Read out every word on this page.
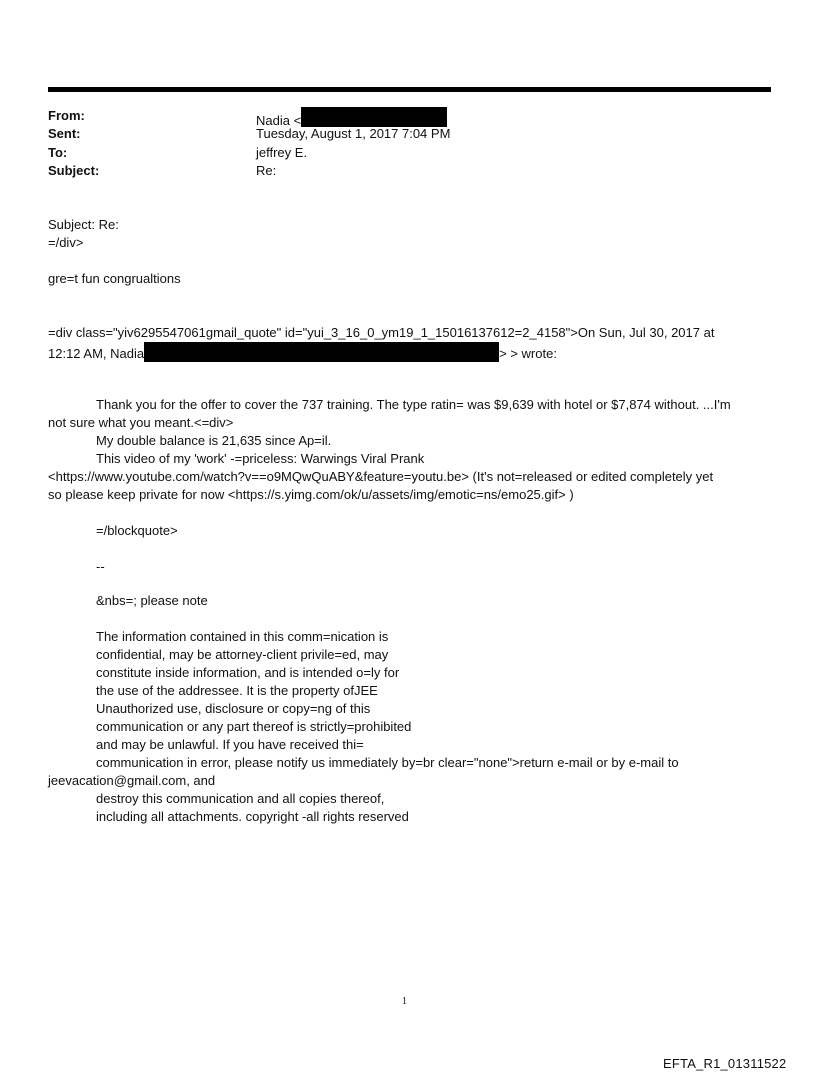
From:	Nadia <
Sent:	Tuesday, August 1, 2017 7:04 PM
To:	jeffrey E.
Subject:	Re:
Subject: Re:
=/div>
gre=t fun congrualtions
=div class="yiv6295547061gmail_quote" id="yui_3_16_0_ym19_1_15016137612=2_4158">On Sun, Jul 30, 2017 at
12:12 AM, Nadia	> > wrote:
Thank you for the offer to cover the 737 training. The type ratin= was $9,639 with hotel or $7,874 without. ...I'm
not sure what you meant.<=div>
My double balance is 21,635 since Ap=il.
This video of my 'work' -=priceless: Warwings Viral Prank
<https://www.youtube.com/watch?v==o9MQwQuABY&feature=youtu.be> (It's not=released or edited completely yet
so please keep private for now <https://s.yimg.com/ok/u/assets/img/emotic=ns/emo25.gif> )
=/blockquote>
--
&nbs=; please note
The information contained in this comm=nication is
confidential, may be attorney-client privile=ed, may
constitute inside information, and is intended o=ly for
the use of the addressee. It is the property ofJEE
Unauthorized use, disclosure or copy=ng of this
communication or any part thereof is strictly=prohibited
and may be unlawful. If you have received thi=
communication in error, please notify us immediately by=br clear="none">return e-mail or by e-mail to
jeevacation@gmail.com, and
destroy this communication and all copies thereof,
including all attachments. copyright -all rights reserved
1
EFTA_R1_01311522
